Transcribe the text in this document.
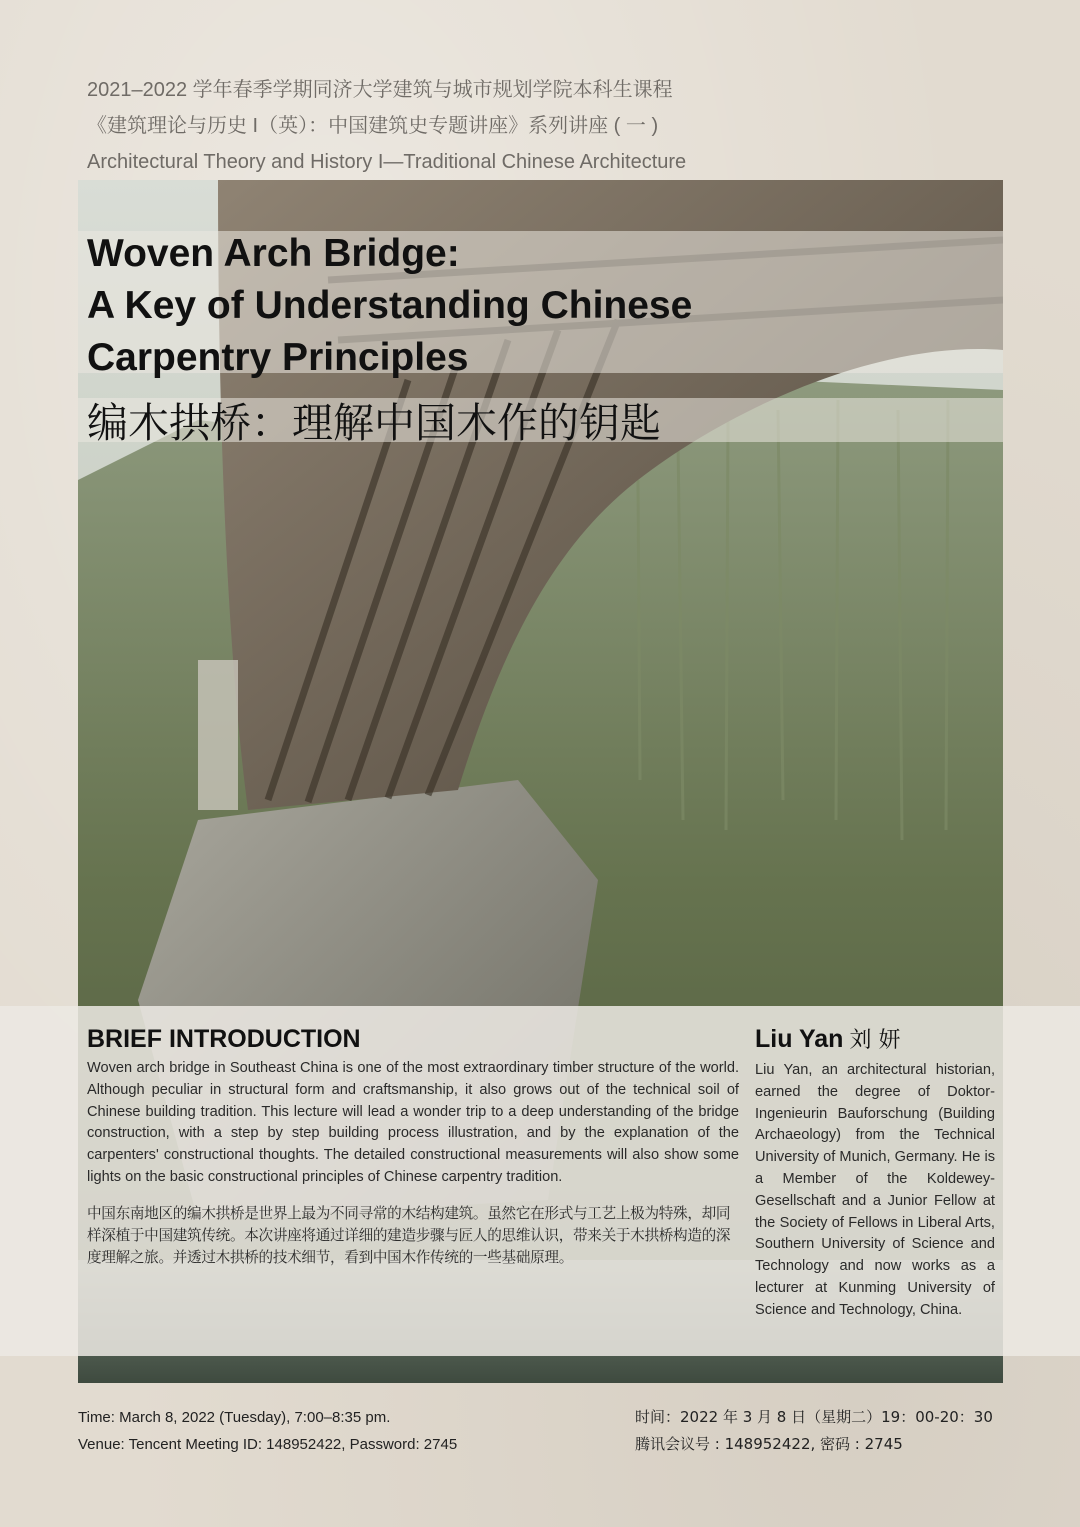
2021–2022 学年春季学期同济大学建筑与城市规划学院本科生课程
《建筑理论与历史 I（英）：中国建筑史专题讲座》系列讲座 ( 一 )
Architectural Theory and History I—Traditional Chinese Architecture
Woven Arch Bridge:
A Key of Understanding Chinese
Carpentry Principles
编木拱桥：理解中国木作的钥匙
BRIEF INTRODUCTION

Woven arch bridge in Southeast China is one of the most extraordinary timber structure of the world. Although peculiar in structural form and craftsmanship, it also grows out of the technical soil of Chinese building tradition. This lecture will lead a wonder trip to a deep understanding of the bridge construction, with a step by step building process illustration, and by the explanation of the carpenters' constructional thoughts. The detailed constructional measurements will also show some lights on the basic constructional principles of Chinese carpentry tradition.

中国东南地区的编木拱桥是世界上最为不同寻常的木结构建筑。虽然它在形式与工艺上极为特殊，却同样深植于中国建筑传统。本次讲座将通过详细的建造步骤与匠人的思维认识，带来关于木拱桥构造的深度理解之旅。并透过木拱桥的技术细节，看到中国木作传统的一些基础原理。

Liu Yan 刘 妍

Liu Yan, an architectural historian, earned the degree of Doktor-Ingenieurin Bauforschung (Building Archaeology) from the Technical University of Munich, Germany. He is a Member of the Koldewey-Gesellschaft and a Junior Fellow at the Society of Fellows in Liberal Arts, Southern University of Science and Technology and now works as a lecturer at Kunming University of Science and Technology, China.

Time: March 8, 2022 (Tuesday), 7:00–8:35 pm.
Venue: Tencent Meeting ID: 148952422, Password: 2745
时间：2022 年 3 月 8 日（星期二）19：00-20：30
腾讯会议号 : 148952422, 密码 : 2745
